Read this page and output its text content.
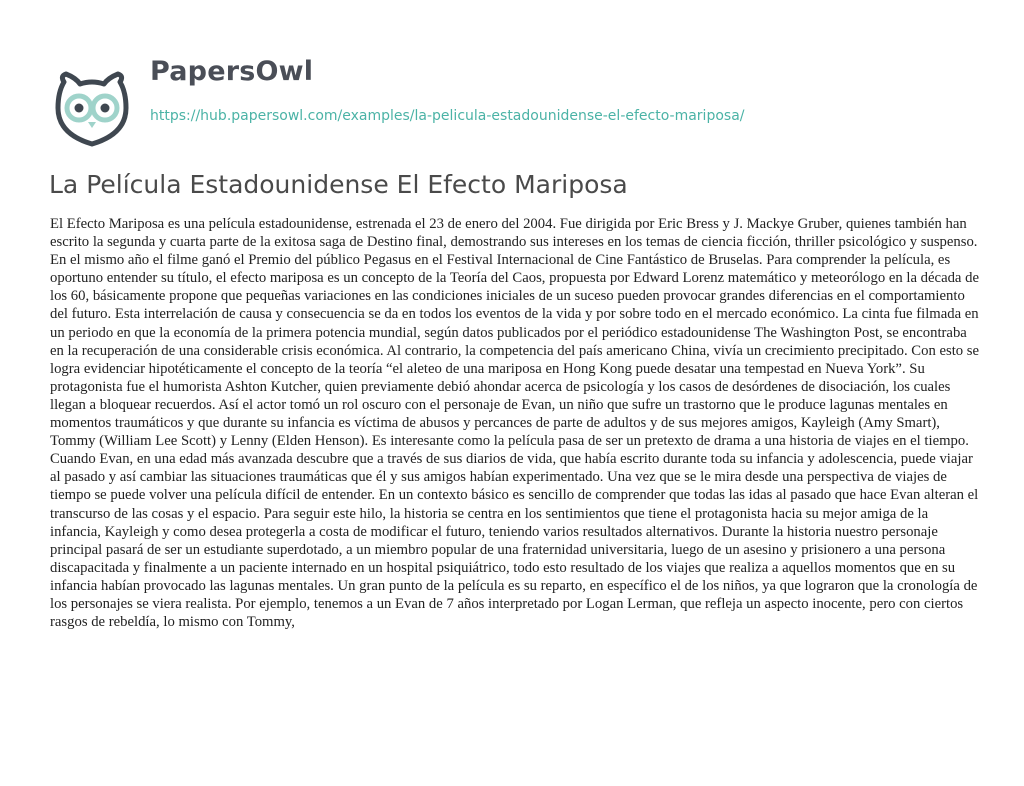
PapersOwl
https://hub.papersowl.com/examples/la-pelicula-estadounidense-el-efecto-mariposa/
La Película Estadounidense El Efecto Mariposa

El Efecto Mariposa es una película estadounidense, estrenada el 23 de enero del 2004. Fue dirigida por Eric Bress y J. Mackye Gruber, quienes también han escrito la segunda y cuarta parte de la exitosa saga de Destino final, demostrando sus intereses en los temas de ciencia ficción, thriller psicológico y suspenso. En el mismo año el filme ganó el Premio del público Pegasus en el Festival Internacional de Cine Fantástico de Bruselas. Para comprender la película, es oportuno entender su título, el efecto mariposa es un concepto de la Teoría del Caos, propuesta por Edward Lorenz matemático y meteorólogo en la década de los 60, básicamente propone que pequeñas variaciones en las condiciones iniciales de un suceso pueden provocar grandes diferencias en el comportamiento del futuro. Esta interrelación de causa y consecuencia se da en todos los eventos de la vida y por sobre todo en el mercado económico. La cinta fue filmada en un periodo en que la economía de la primera potencia mundial, según datos publicados por el periódico estadounidense The Washington Post, se encontraba en la recuperación de una considerable crisis económica. Al contrario, la competencia del país americano China, vivía un crecimiento precipitado. Con esto se logra evidenciar hipotéticamente el concepto de la teoría “el aleteo de una mariposa en Hong Kong puede desatar una tempestad en Nueva York”. Su protagonista fue el humorista Ashton Kutcher, quien previamente debió ahondar acerca de psicología y los casos de desórdenes de disociación, los cuales llegan a bloquear recuerdos. Así el actor tomó un rol oscuro con el personaje de Evan, un niño que sufre un trastorno que le produce lagunas mentales en momentos traumáticos y que durante su infancia es víctima de abusos y percances de parte de adultos y de sus mejores amigos, Kayleigh (Amy Smart), Tommy (William Lee Scott) y Lenny (Elden Henson). Es interesante como la película pasa de ser un pretexto de drama a una historia de viajes en el tiempo. Cuando Evan, en una edad más avanzada descubre que a través de sus diarios de vida, que había escrito durante toda su infancia y adolescencia, puede viajar al pasado y así cambiar las situaciones traumáticas que él y sus amigos habían experimentado. Una vez que se le mira desde una perspectiva de viajes de tiempo se puede volver una película difícil de entender. En un contexto básico es sencillo de comprender que todas las idas al pasado que hace Evan alteran el transcurso de las cosas y el espacio. Para seguir este hilo, la historia se centra en los sentimientos que tiene el protagonista hacia su mejor amiga de la infancia, Kayleigh y como desea protegerla a costa de modificar el futuro, teniendo varios resultados alternativos. Durante la historia nuestro personaje principal pasará de ser un estudiante superdotado, a un miembro popular de una fraternidad universitaria, luego de un asesino y prisionero a una persona discapacitada y finalmente a un paciente internado en un hospital psiquiátrico, todo esto resultado de los viajes que realiza a aquellos momentos que en su infancia habían provocado las lagunas mentales. Un gran punto de la película es su reparto, en específico el de los niños, ya que lograron que la cronología de los personajes se viera realista. Por ejemplo, tenemos a un Evan de 7 años interpretado por Logan Lerman, que refleja un aspecto inocente, pero con ciertos rasgos de rebeldía, lo mismo con Tommy,
